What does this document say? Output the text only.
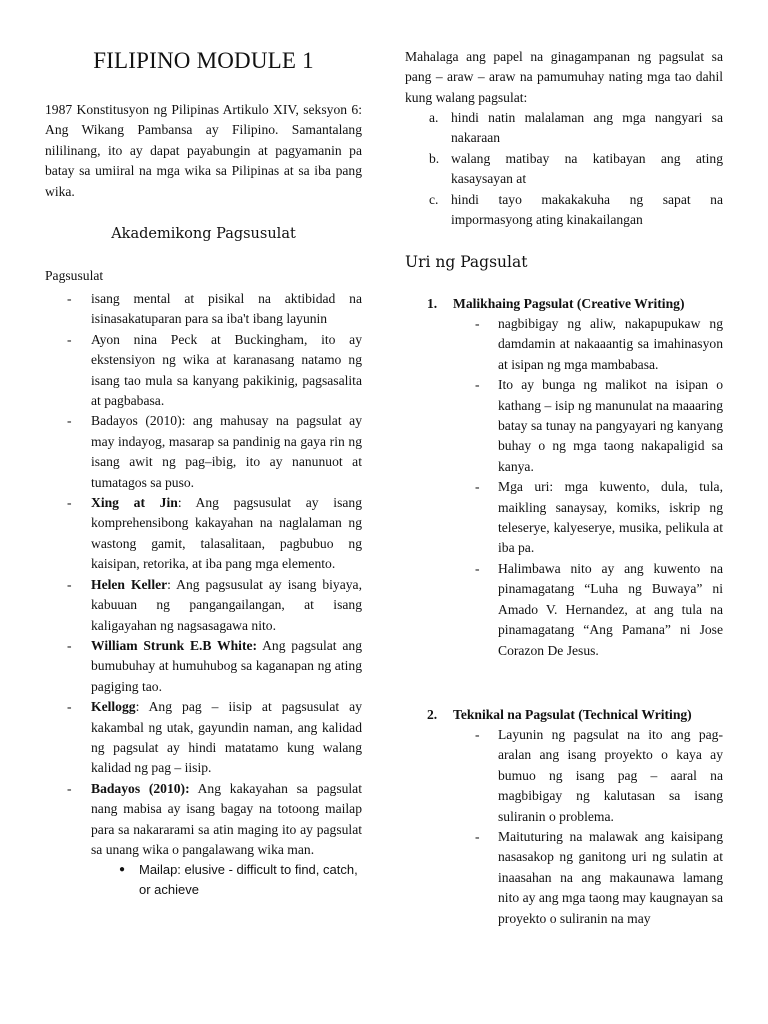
FILIPINO MODULE 1

1987 Konstitusyon ng Pilipinas Artikulo XIV, seksyon 6: Ang Wikang Pambansa ay Filipino. Samantalang nililinang, ito ay dapat payabungin at pagyamanin pa batay sa umiiral na mga wika sa Pilipinas at sa iba pang wika.

Akademikong Pagsusulat

Pagsusulat

- isang mental at pisikal na aktibidad na isinasakatuparan para sa iba't ibang layunin
- Ayon nina Peck at Buckingham, ito ay ekstensiyon ng wika at karanasang natamo ng isang tao mula sa kanyang pakikinig, pagsasalita at pagbabasa.
- Badayos (2010): ang mahusay na pagsulat ay may indayog, masarap sa pandinig na gaya rin ng isang awit ng pag–ibig, ito ay nanunuot at tumatagos sa puso.
- Xing at Jin: Ang pagsusulat ay isang komprehensibong kakayahan na naglalaman ng wastong gamit, talasalitaan, pagbubuo ng kaisipan, retorika, at iba pang mga elemento.
- Helen Keller: Ang pagsusulat ay isang biyaya, kabuuan ng pangangailangan, at isang kaligayahan ng nagsasagawa nito.
- William Strunk E.B White: Ang pagsulat ang bumubuhay at humuhubog sa kaganapan ng ating pagiging tao.
- Kellogg: Ang pag – iisip at pagsusulat ay kakambal ng utak, gayundin naman, ang kalidad ng pagsulat ay hindi matatamo kung walang kalidad ng pag – iisip.
- Badayos (2010): Ang kakayahan sa pagsulat nang mabisa ay isang bagay na totoong mailap para sa nakararami sa atin maging ito ay pagsulat sa unang wika o pangalawang wika man.
● Mailap: elusive - difficult to find, catch, or achieve

Mahalaga ang papel na ginagampanan ng pagsulat sa pang – araw – araw na pamumuhay nating mga tao dahil kung walang pagsulat:

a. hindi natin malalaman ang mga nangyari sa nakaraan
b. walang matibay na katibayan ang ating kasaysayan at
c. hindi tayo makakakuha ng sapat na impormasyong ating kinakailangan
Uri ng Pagsulat

1. Malikhaing Pagsulat (Creative Writing)

- nagbibigay ng aliw, nakapupukaw ng damdamin at nakaaantig sa imahinasyon at isipan ng mga mambabasa.
- Ito ay bunga ng malikot na isipan o kathang – isip ng manunulat na maaaring batay sa tunay na pangyayari ng kanyang buhay o ng mga taong nakapaligid sa kanya.
- Mga uri: mga kuwento, dula, tula, maikling sanaysay, komiks, iskrip ng teleserye, kalyeserye, musika, pelikula at iba pa.
- Halimbawa nito ay ang kuwento na pinamagatang “Luha ng Buwaya” ni Amado V. Hernandez, at ang tula na pinamagatang “Ang Pamana” ni Jose Corazon De Jesus.

2. Teknikal na Pagsulat (Technical Writing)

- Layunin ng pagsulat na ito ang pag-aralan ang isang proyekto o kaya ay bumuo ng isang pag – aaral na magbibigay ng kalutasan sa isang suliranin o problema.
- Maituturing na malawak ang kaisipang nasasakop ng ganitong uri ng sulatin at inaasahan na ang makaunawa lamang nito ay ang mga taong may kaugnayan sa proyekto o suliranin na may
